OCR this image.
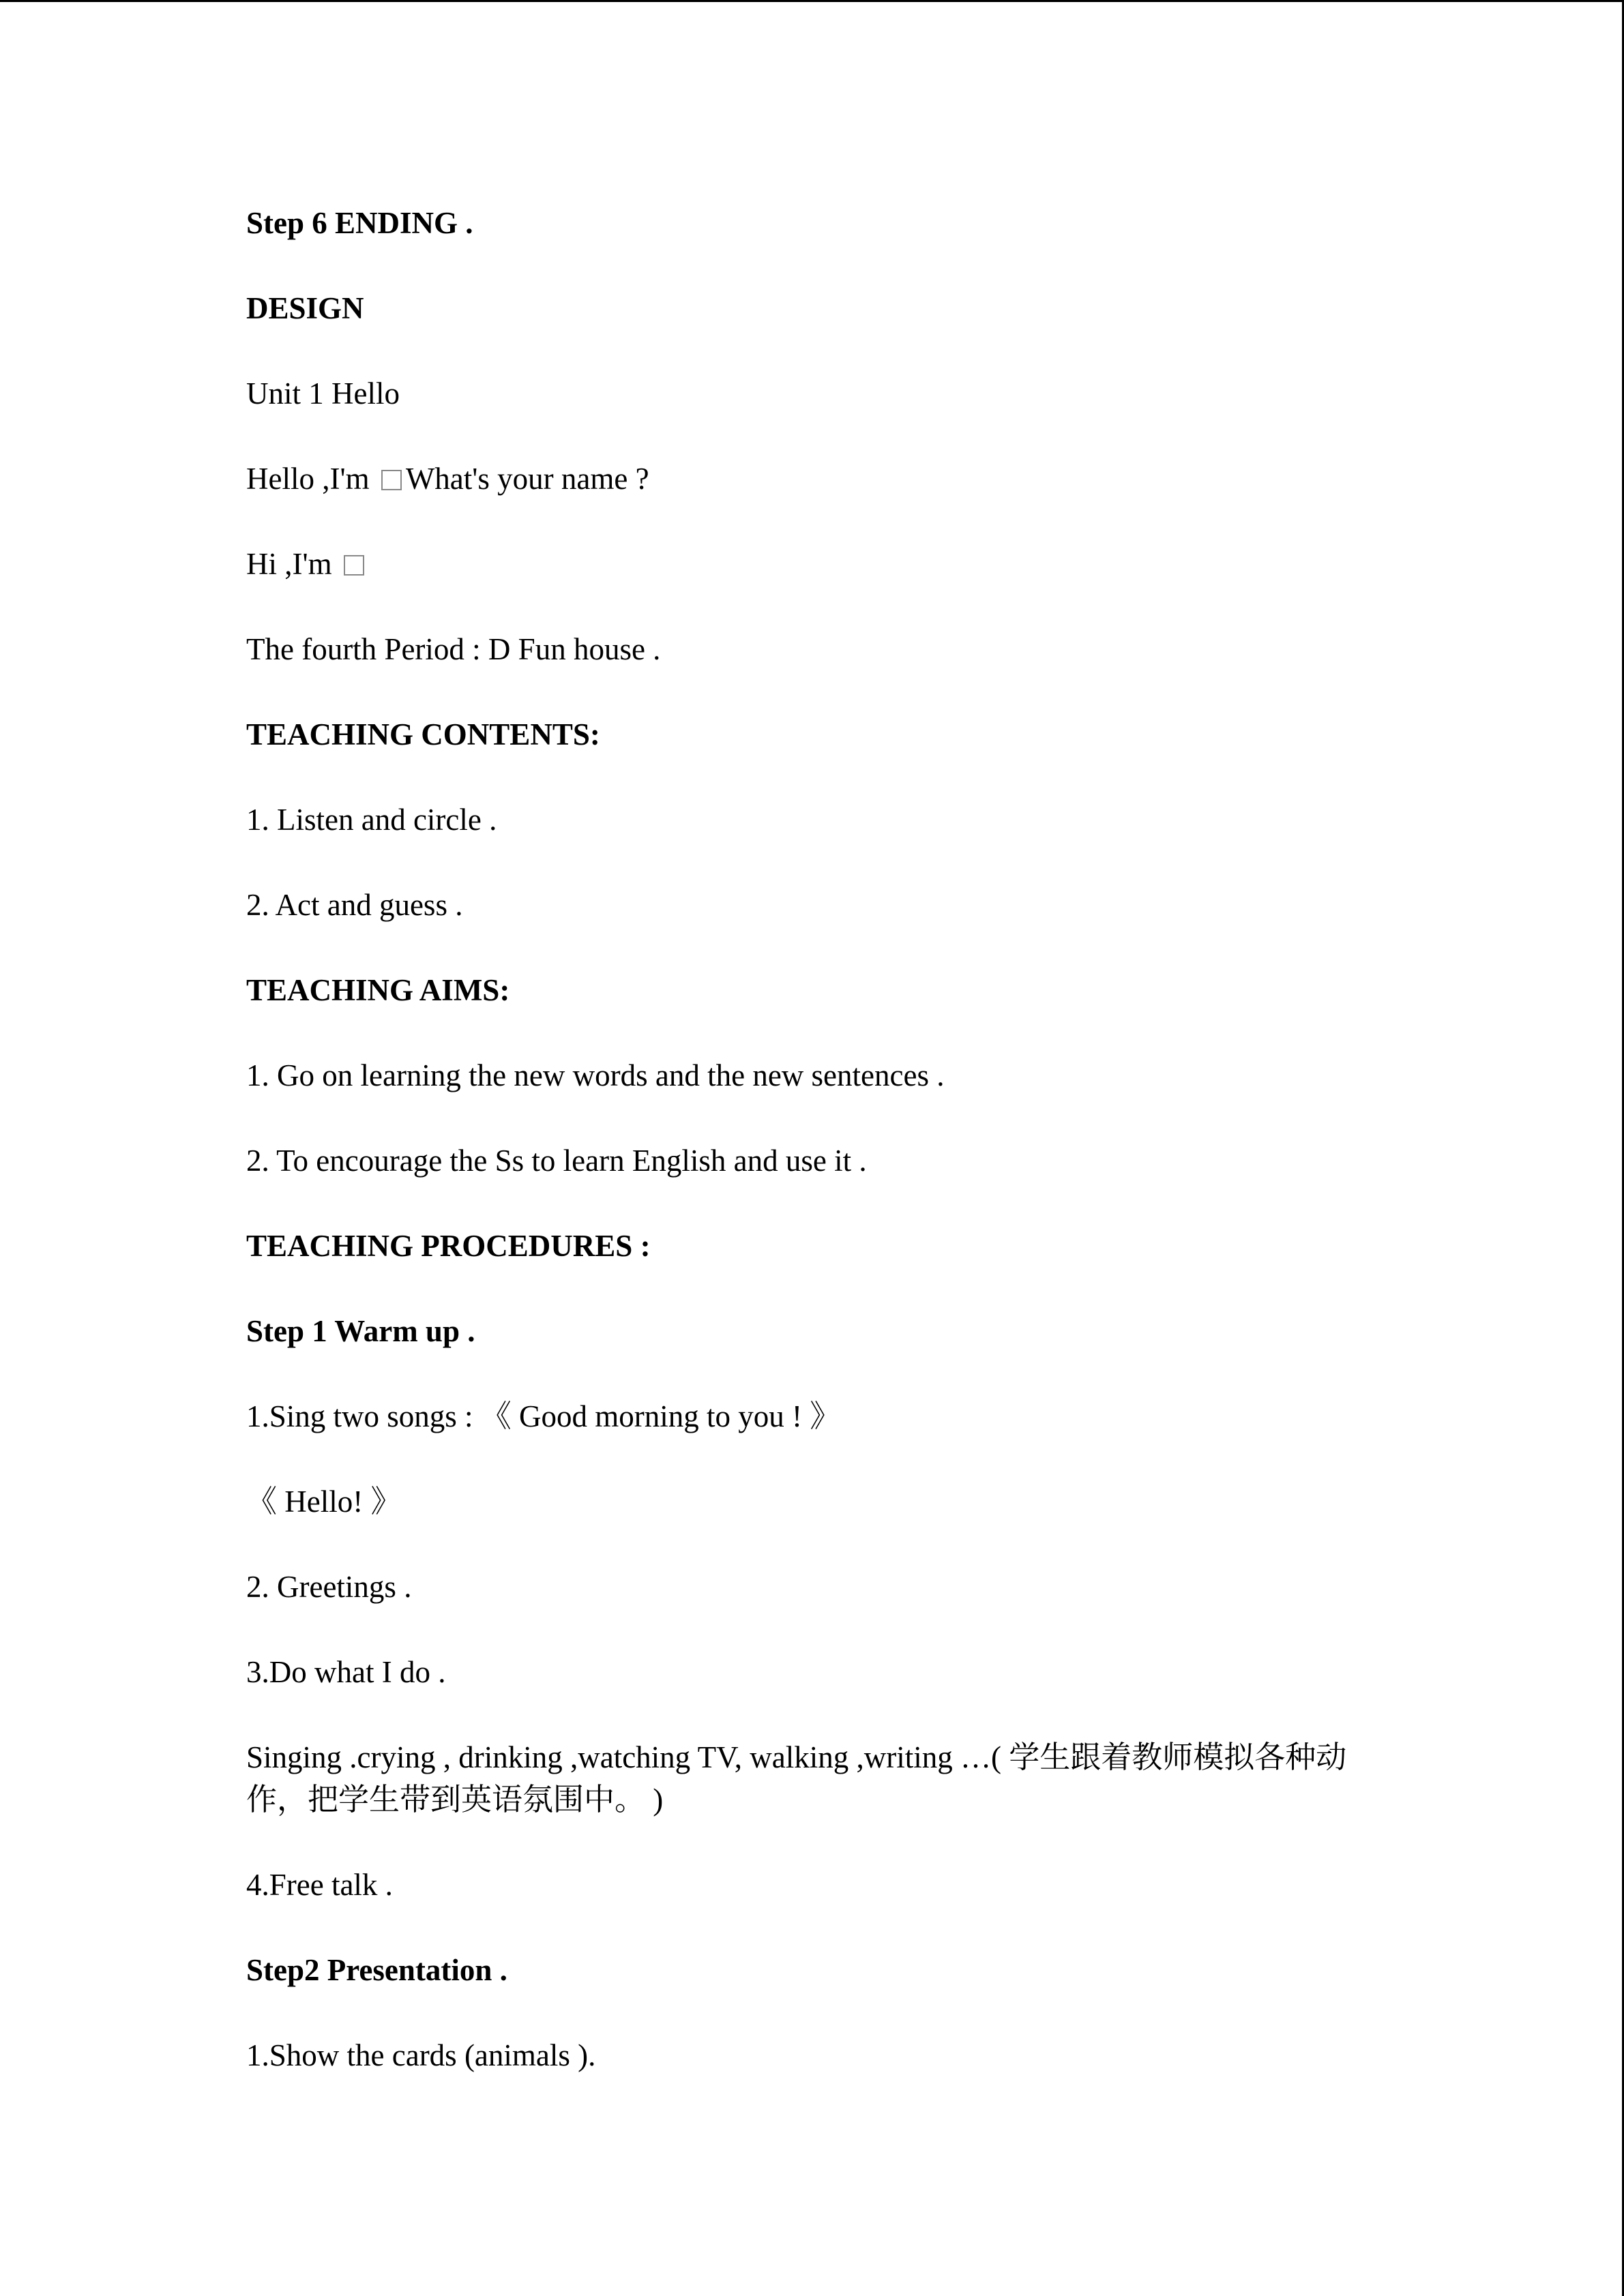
Step 6 ENDING .

DESIGN

Unit 1 Hello

Hello ,I'm What's your name ?

Hi ,I'm

The fourth Period : D Fun house .

TEACHING CONTENTS:

1. Listen and circle .

2. Act and guess .

TEACHING AIMS:

1. Go on learning the new words and the new sentences .

2. To encourage the Ss to learn English and use it .

TEACHING PROCEDURES :

Step 1 Warm up .

1.Sing two songs : 《 Good morning to you ! 》

《 Hello! 》

2. Greetings .

3.Do what I do .

Singing .crying , drinking ,watching TV, walking ,writing …( 学生跟着教师模拟各种动作，把学生带到英语氛围中。 )

4.Free talk .

Step2 Presentation .

1.Show the cards (animals ).
